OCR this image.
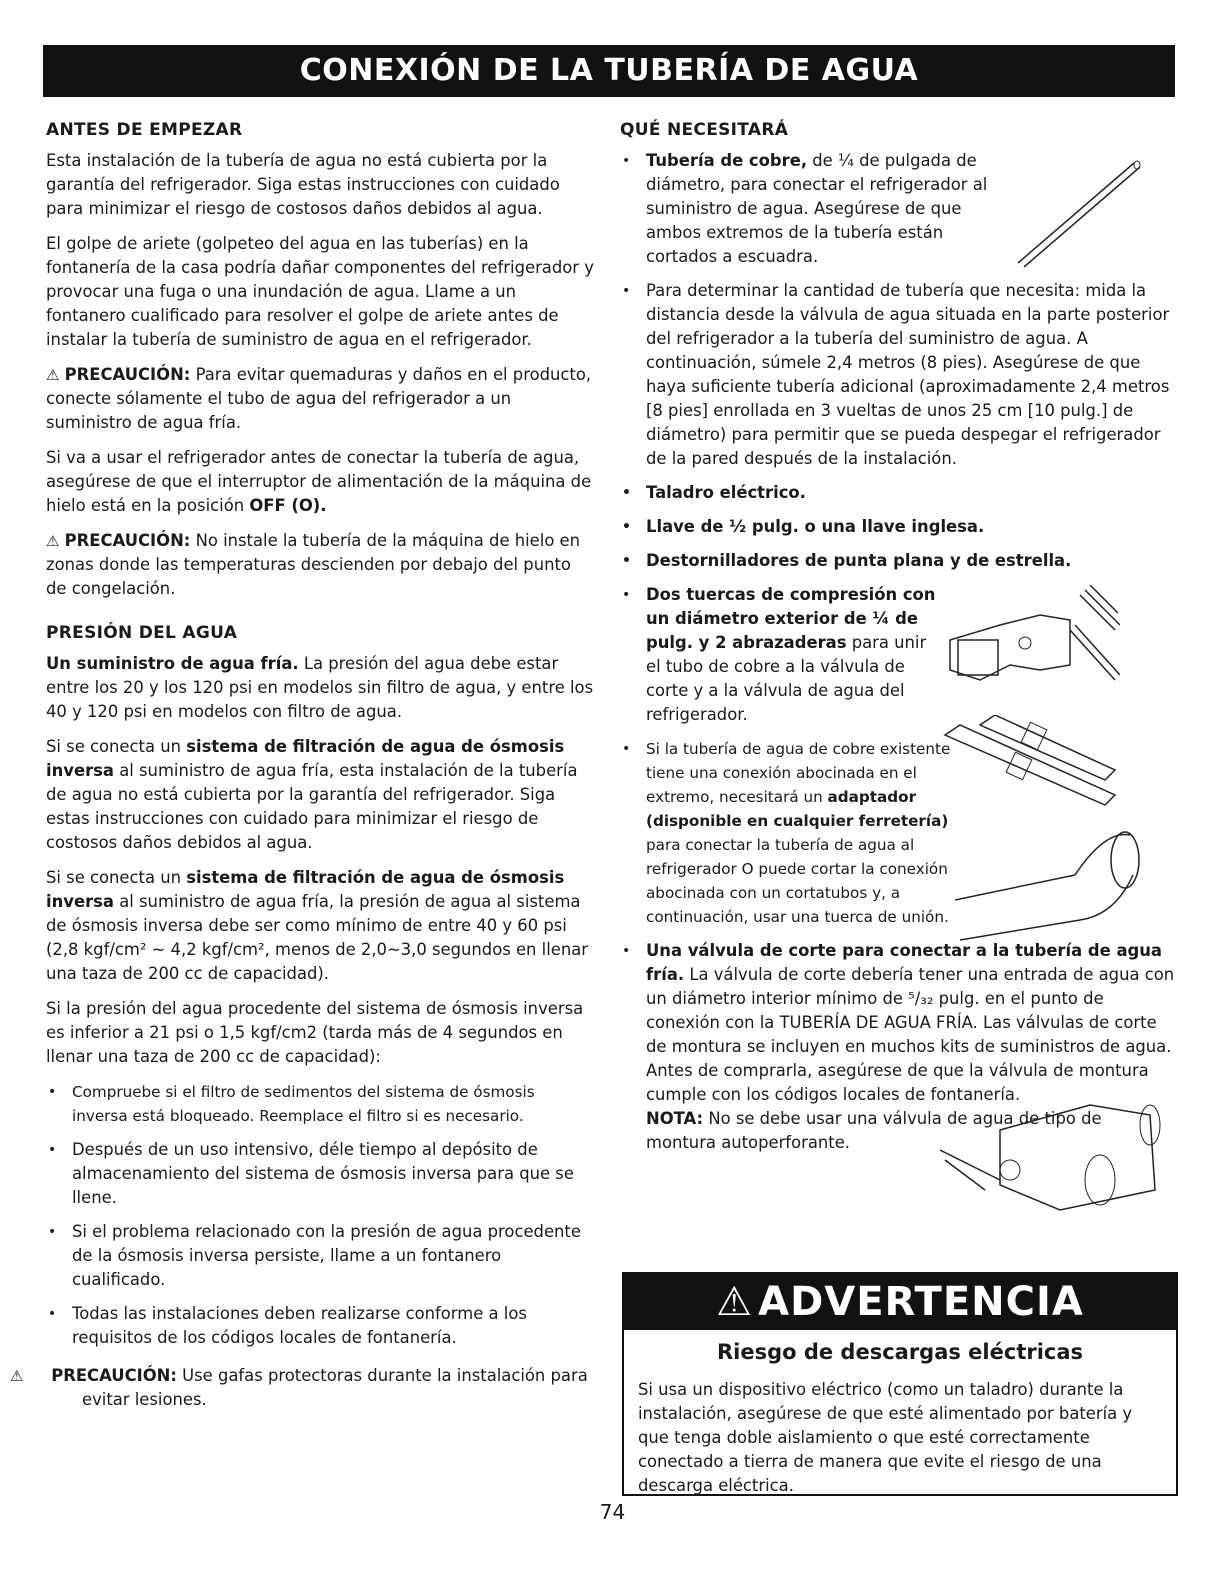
CONEXIÓN DE LA TUBERÍA DE AGUA
ANTES DE EMPEZAR

Esta instalación de la tubería de agua no está cubierta por la garantía del refrigerador. Siga estas instrucciones con cuidado para minimizar el riesgo de costosos daños debidos al agua.

El golpe de ariete (golpeteo del agua en las tuberías) en la fontanería de la casa podría dañar componentes del refrigerador y provocar una fuga o una inundación de agua. Llame a un fontanero cualificado para resolver el golpe de ariete antes de instalar la tubería de suministro de agua en el refrigerador.

⚠ PRECAUCIÓN: Para evitar quemaduras y daños en el producto, conecte sólamente el tubo de agua del refrigerador a un suministro de agua fría.

Si va a usar el refrigerador antes de conectar la tubería de agua, asegúrese de que el interruptor de alimentación de la máquina de hielo está en la posición OFF (O).

⚠ PRECAUCIÓN: No instale la tubería de la máquina de hielo en zonas donde las temperaturas descienden por debajo del punto de congelación.

PRESIÓN DEL AGUA

Un suministro de agua fría. La presión del agua debe estar entre los 20 y los 120 psi en modelos sin filtro de agua, y entre los 40 y 120 psi en modelos con filtro de agua.

Si se conecta un sistema de filtración de agua de ósmosis inversa al suministro de agua fría, esta instalación de la tubería de agua no está cubierta por la garantía del refrigerador. Siga estas instrucciones con cuidado para minimizar el riesgo de costosos daños debidos al agua.

Si se conecta un sistema de filtración de agua de ósmosis inversa al suministro de agua fría, la presión de agua al sistema de ósmosis inversa debe ser como mínimo de entre 40 y 60 psi (2,8 kgf/cm² ~ 4,2 kgf/cm², menos de 2,0~3,0 segundos en llenar una taza de 200 cc de capacidad).

Si la presión del agua procedente del sistema de ósmosis inversa es inferior a 21 psi o 1,5 kgf/cm2 (tarda más de 4 segundos en llenar una taza de 200 cc de capacidad):

• Compruebe si el filtro de sedimentos del sistema de ósmosis inversa está bloqueado. Reemplace el filtro si es necesario.
• Después de un uso intensivo, déle tiempo al depósito de almacenamiento del sistema de ósmosis inversa para que se llene.
• Si el problema relacionado con la presión de agua procedente de la ósmosis inversa persiste, llame a un fontanero cualificado.
• Todas las instalaciones deben realizarse conforme a los requisitos de los códigos locales de fontanería.

⚠ PRECAUCIÓN: Use gafas protectoras durante la instalación para evitar lesiones.

QUÉ NECESITARÁ
• Tubería de cobre, de ¼ de pulgada de diámetro, para conectar el refrigerador al suministro de agua. Asegúrese de que ambos extremos de la tubería están cortados a escuadra.
• Para determinar la cantidad de tubería que necesita: mida la distancia desde la válvula de agua situada en la parte posterior del refrigerador a la tubería del suministro de agua. A continuación, súmele 2,4 metros (8 pies). Asegúrese de que haya suficiente tubería adicional (aproximadamente 2,4 metros [8 pies] enrollada en 3 vueltas de unos 25 cm [10 pulg.] de diámetro) para permitir que se pueda despegar el refrigerador de la pared después de la instalación.
• Taladro eléctrico.
• Llave de ½ pulg. o una llave inglesa.
• Destornilladores de punta plana y de estrella.
• Dos tuercas de compresión con un diámetro exterior de ¼ de pulg. y 2 abrazaderas para unir el tubo de cobre a la válvula de corte y a la válvula de agua del refrigerador.
• Si la tubería de agua de cobre existente tiene una conexión abocinada en el extremo, necesitará un adaptador (disponible en cualquier ferretería) para conectar la tubería de agua al refrigerador O puede cortar la conexión abocinada con un cortatubos y, a continuación, usar una tuerca de unión.
• Una válvula de corte para conectar a la tubería de agua fría. La válvula de corte debería tener una entrada de agua con un diámetro interior mínimo de ⁵/₃₂ pulg. en el punto de conexión con la TUBERÍA DE AGUA FRÍA. Las válvulas de corte de montura se incluyen en muchos kits de suministros de agua. Antes de comprarla, asegúrese de que la válvula de montura cumple con los códigos locales de fontanería.
NOTA: No se debe usar una válvula de agua de tipo de montura autoperforante.
⚠ ADVERTENCIA
Riesgo de descargas eléctricas

Si usa un dispositivo eléctrico (como un taladro) durante la instalación, asegúrese de que esté alimentado por batería y que tenga doble aislamiento o que esté correctamente conectado a tierra de manera que evite el riesgo de una descarga eléctrica.

74
